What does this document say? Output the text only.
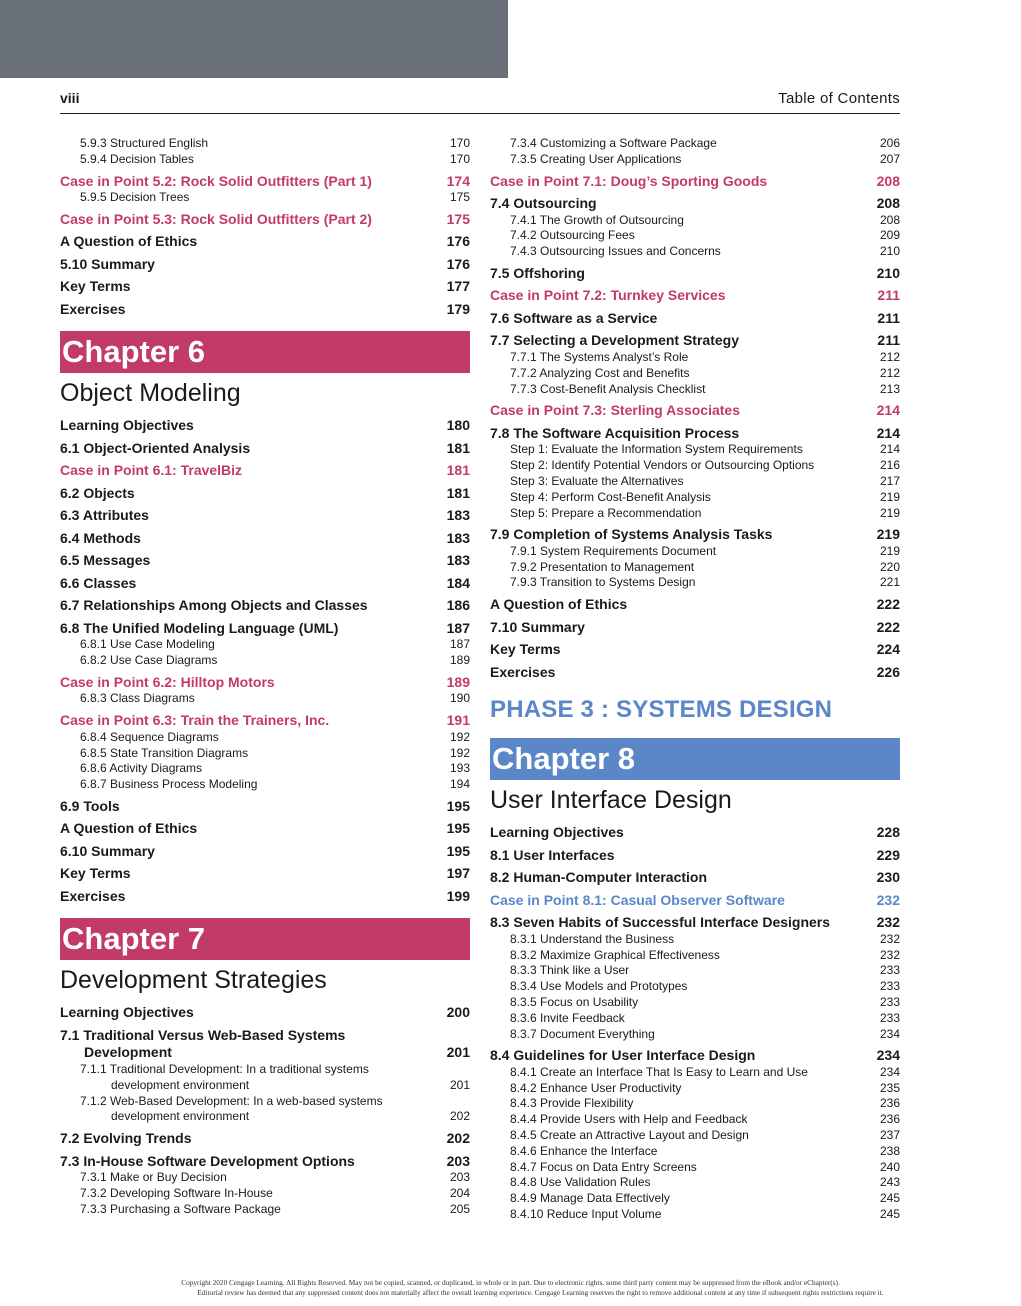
viii	Table of Contents
5.9.3 Structured English	170
5.9.4 Decision Tables	170
Case in Point 5.2: Rock Solid Outfitters (Part 1)	174
5.9.5 Decision Trees	175
Case in Point 5.3: Rock Solid Outfitters (Part 2)	175
A Question of Ethics	176
5.10 Summary	176
Key Terms	177
Exercises	179
Chapter 6
Object Modeling
Learning Objectives	180
6.1 Object-Oriented Analysis	181
Case in Point 6.1: TravelBiz	181
6.2 Objects	181
6.3 Attributes	183
6.4 Methods	183
6.5 Messages	183
6.6 Classes	184
6.7 Relationships Among Objects and Classes	186
6.8 The Unified Modeling Language (UML)	187
6.8.1 Use Case Modeling	187
6.8.2 Use Case Diagrams	189
Case in Point 6.2: Hilltop Motors	189
6.8.3 Class Diagrams	190
Case in Point 6.3: Train the Trainers, Inc.	191
6.8.4 Sequence Diagrams	192
6.8.5 State Transition Diagrams	192
6.8.6 Activity Diagrams	193
6.8.7 Business Process Modeling	194
6.9 Tools	195
A Question of Ethics	195
6.10 Summary	195
Key Terms	197
Exercises	199
Chapter 7
Development Strategies
Learning Objectives	200
7.1 Traditional Versus Web-Based Systems Development	201
7.1.1 Traditional Development: In a traditional systems development environment	201
7.1.2 Web-Based Development: In a web-based systems development environment	202
7.2 Evolving Trends	202
7.3 In-House Software Development Options	203
7.3.1 Make or Buy Decision	203
7.3.2 Developing Software In-House	204
7.3.3 Purchasing a Software Package	205
7.3.4 Customizing a Software Package	206
7.3.5 Creating User Applications	207
Case in Point 7.1: Doug’s Sporting Goods	208
7.4 Outsourcing	208
7.4.1 The Growth of Outsourcing	208
7.4.2 Outsourcing Fees	209
7.4.3 Outsourcing Issues and Concerns	210
7.5 Offshoring	210
Case in Point 7.2: Turnkey Services	211
7.6 Software as a Service	211
7.7 Selecting a Development Strategy	211
7.7.1 The Systems Analyst’s Role	212
7.7.2 Analyzing Cost and Benefits	212
7.7.3 Cost-Benefit Analysis Checklist	213
Case in Point 7.3: Sterling Associates	214
7.8 The Software Acquisition Process	214
Step 1: Evaluate the Information System Requirements	214
Step 2: Identify Potential Vendors or Outsourcing Options	216
Step 3: Evaluate the Alternatives	217
Step 4: Perform Cost-Benefit Analysis	219
Step 5: Prepare a Recommendation	219
7.9 Completion of Systems Analysis Tasks	219
7.9.1 System Requirements Document	219
7.9.2 Presentation to Management	220
7.9.3 Transition to Systems Design	221
A Question of Ethics	222
7.10 Summary	222
Key Terms	224
Exercises	226
PHASE 3 : SYSTEMS DESIGN
Chapter 8
User Interface Design
Learning Objectives	228
8.1 User Interfaces	229
8.2 Human-Computer Interaction	230
Case in Point 8.1: Casual Observer Software	232
8.3 Seven Habits of Successful Interface Designers	232
8.3.1 Understand the Business	232
8.3.2 Maximize Graphical Effectiveness	232
8.3.3 Think like a User	233
8.3.4 Use Models and Prototypes	233
8.3.5 Focus on Usability	233
8.3.6 Invite Feedback	233
8.3.7 Document Everything	234
8.4 Guidelines for User Interface Design	234
8.4.1 Create an Interface That Is Easy to Learn and Use	234
8.4.2 Enhance User Productivity	235
8.4.3 Provide Flexibility	236
8.4.4 Provide Users with Help and Feedback	236
8.4.5 Create an Attractive Layout and Design	237
8.4.6 Enhance the Interface	238
8.4.7 Focus on Data Entry Screens	240
8.4.8 Use Validation Rules	243
8.4.9 Manage Data Effectively	245
8.4.10 Reduce Input Volume	245
Copyright 2020 Cengage Learning. All Rights Reserved. May not be copied, scanned, or duplicated, in whole or in part. Due to electronic rights, some third party content may be suppressed from the eBook and/or eChapter(s).
Editorial review has deemed that any suppressed content does not materially affect the overall learning experience. Cengage Learning reserves the right to remove additional content at any time if subsequent rights restrictions require it.
